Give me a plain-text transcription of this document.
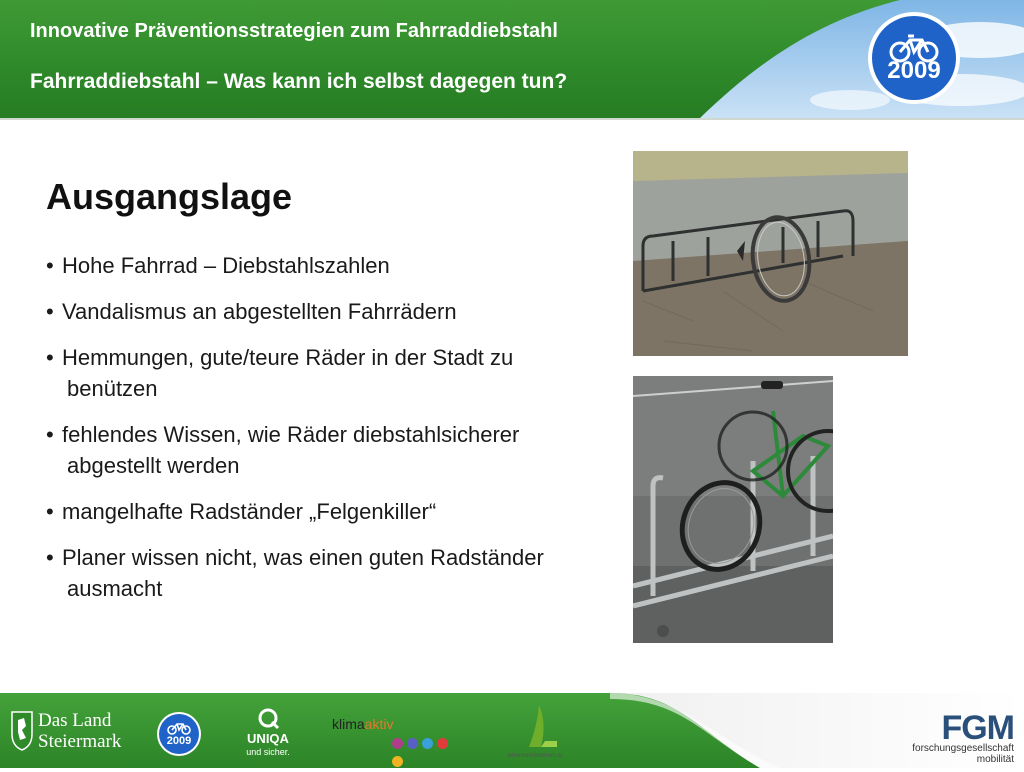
Innovative Präventionsstrategien zum Fahrraddiebstahl
Fahrraddiebstahl – Was kann ich selbst dagegen tun?	2009
Ausgangslage
• Hohe Fahrrad – Diebstahlszahlen
• Vandalismus an abgestellten Fahrrädern
• Hemmungen, gute/teure Räder in der Stadt zu benützen
• fehlendes Wissen, wie Räder diebstahlsicherer abgestellt werden
• mangelhafte Radständer „Felgenkiller“
• Planer wissen nicht, was einen guten Radständer ausmacht
Das Land
Steiermark	2009	UNIQA
und sicher.
klimaaktiv
lebensministerium.at
FGM
forschungsgesellschaft
mobilität
